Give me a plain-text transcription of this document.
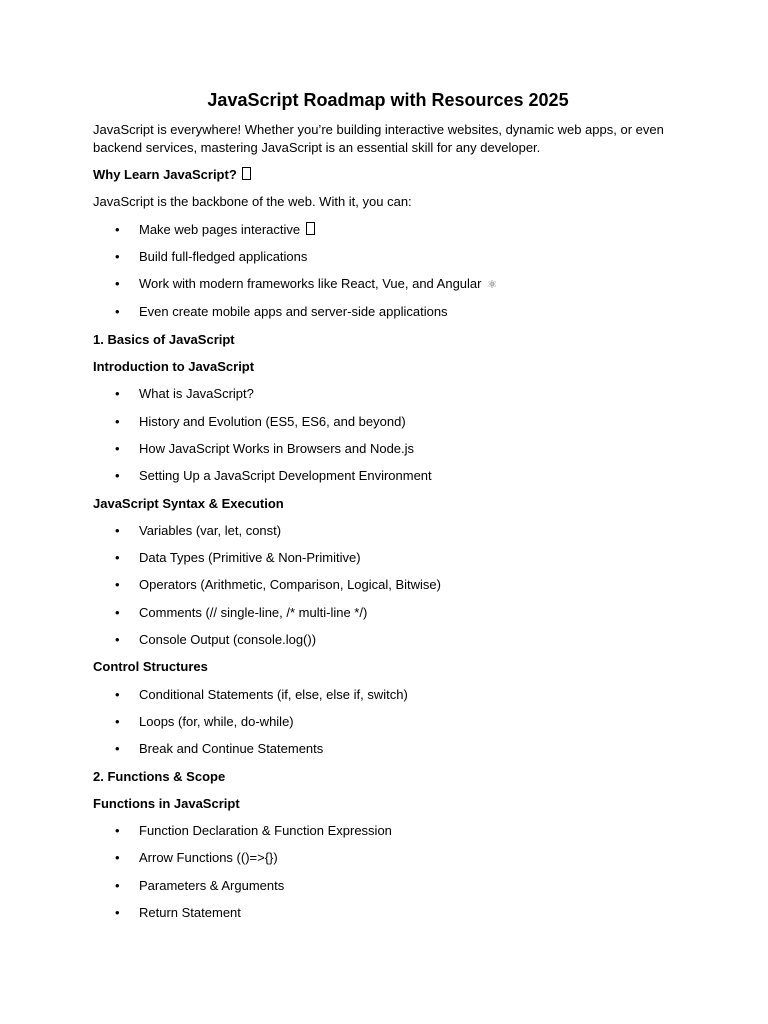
JavaScript Roadmap with Resources 2025

JavaScript is everywhere! Whether you’re building interactive websites, dynamic web apps, or even backend services, mastering JavaScript is an essential skill for any developer.

Why Learn JavaScript?

JavaScript is the backbone of the web. With it, you can:

• Make web pages interactive
• Build full-fledged applications
• Work with modern frameworks like React, Vue, and Angular ⚛
• Even create mobile apps and server-side applications

1. Basics of JavaScript

Introduction to JavaScript

• What is JavaScript?
• History and Evolution (ES5, ES6, and beyond)
• How JavaScript Works in Browsers and Node.js
• Setting Up a JavaScript Development Environment

JavaScript Syntax & Execution

• Variables (var, let, const)
• Data Types (Primitive & Non-Primitive)
• Operators (Arithmetic, Comparison, Logical, Bitwise)
• Comments (// single-line, /* multi-line */)
• Console Output (console.log())

Control Structures

• Conditional Statements (if, else, else if, switch)
• Loops (for, while, do-while)
• Break and Continue Statements

2. Functions & Scope

Functions in JavaScript

• Function Declaration & Function Expression
• Arrow Functions (()=>{})
• Parameters & Arguments
• Return Statement
